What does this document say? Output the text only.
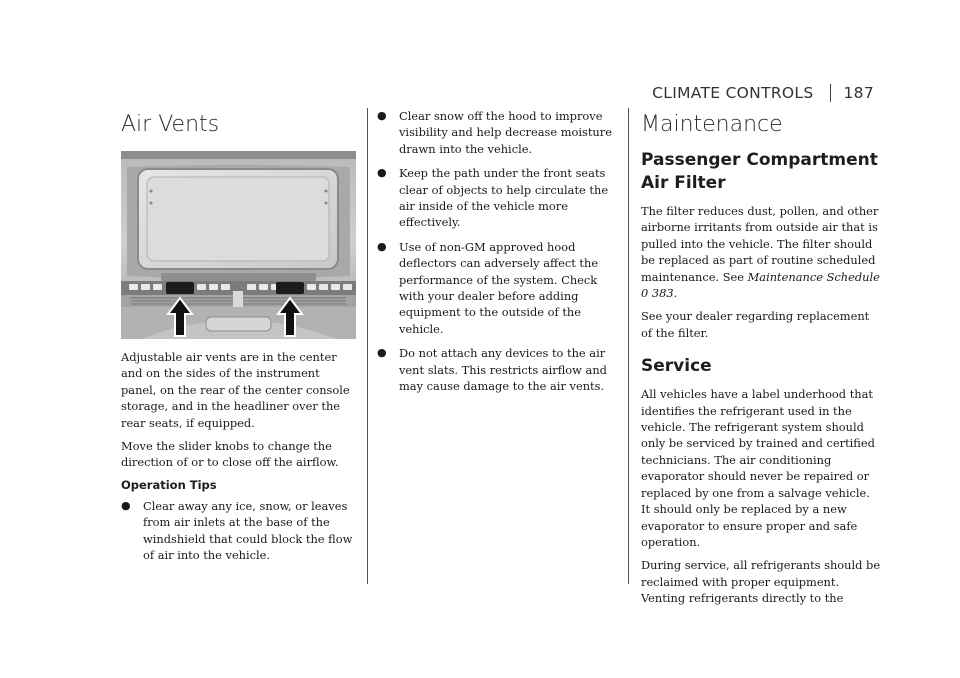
CLIMATE CONTROLS 187
Air Vents

Adjustable air vents are in the center and on the sides of the instrument panel, on the rear of the center console storage, and in the headliner over the rear seats, if equipped.

Move the slider knobs to change the direction of or to close off the airflow.

Operation Tips
● Clear away any ice, snow, or leaves from air inlets at the base of the windshield that could block the flow of air into the vehicle.
● Clear snow off the hood to improve visibility and help decrease moisture drawn into the vehicle.
● Keep the path under the front seats clear of objects to help circulate the air inside of the vehicle more effectively.
● Use of non-GM approved hood deflectors can adversely affect the performance of the system. Check with your dealer before adding equipment to the outside of the vehicle.
● Do not attach any devices to the air vent slats. This restricts airflow and may cause damage to the air vents.
Maintenance
Passenger Compartment Air Filter

The filter reduces dust, pollen, and other airborne irritants from outside air that is pulled into the vehicle. The filter should be replaced as part of routine scheduled maintenance. See Maintenance Schedule 0 383.

See your dealer regarding replacement of the filter.

Service

All vehicles have a label underhood that identifies the refrigerant used in the vehicle. The refrigerant system should only be serviced by trained and certified technicians. The air conditioning evaporator should never be repaired or replaced by one from a salvage vehicle. It should only be replaced by a new evaporator to ensure proper and safe operation.

During service, all refrigerants should be reclaimed with proper equipment. Venting refrigerants directly to the
